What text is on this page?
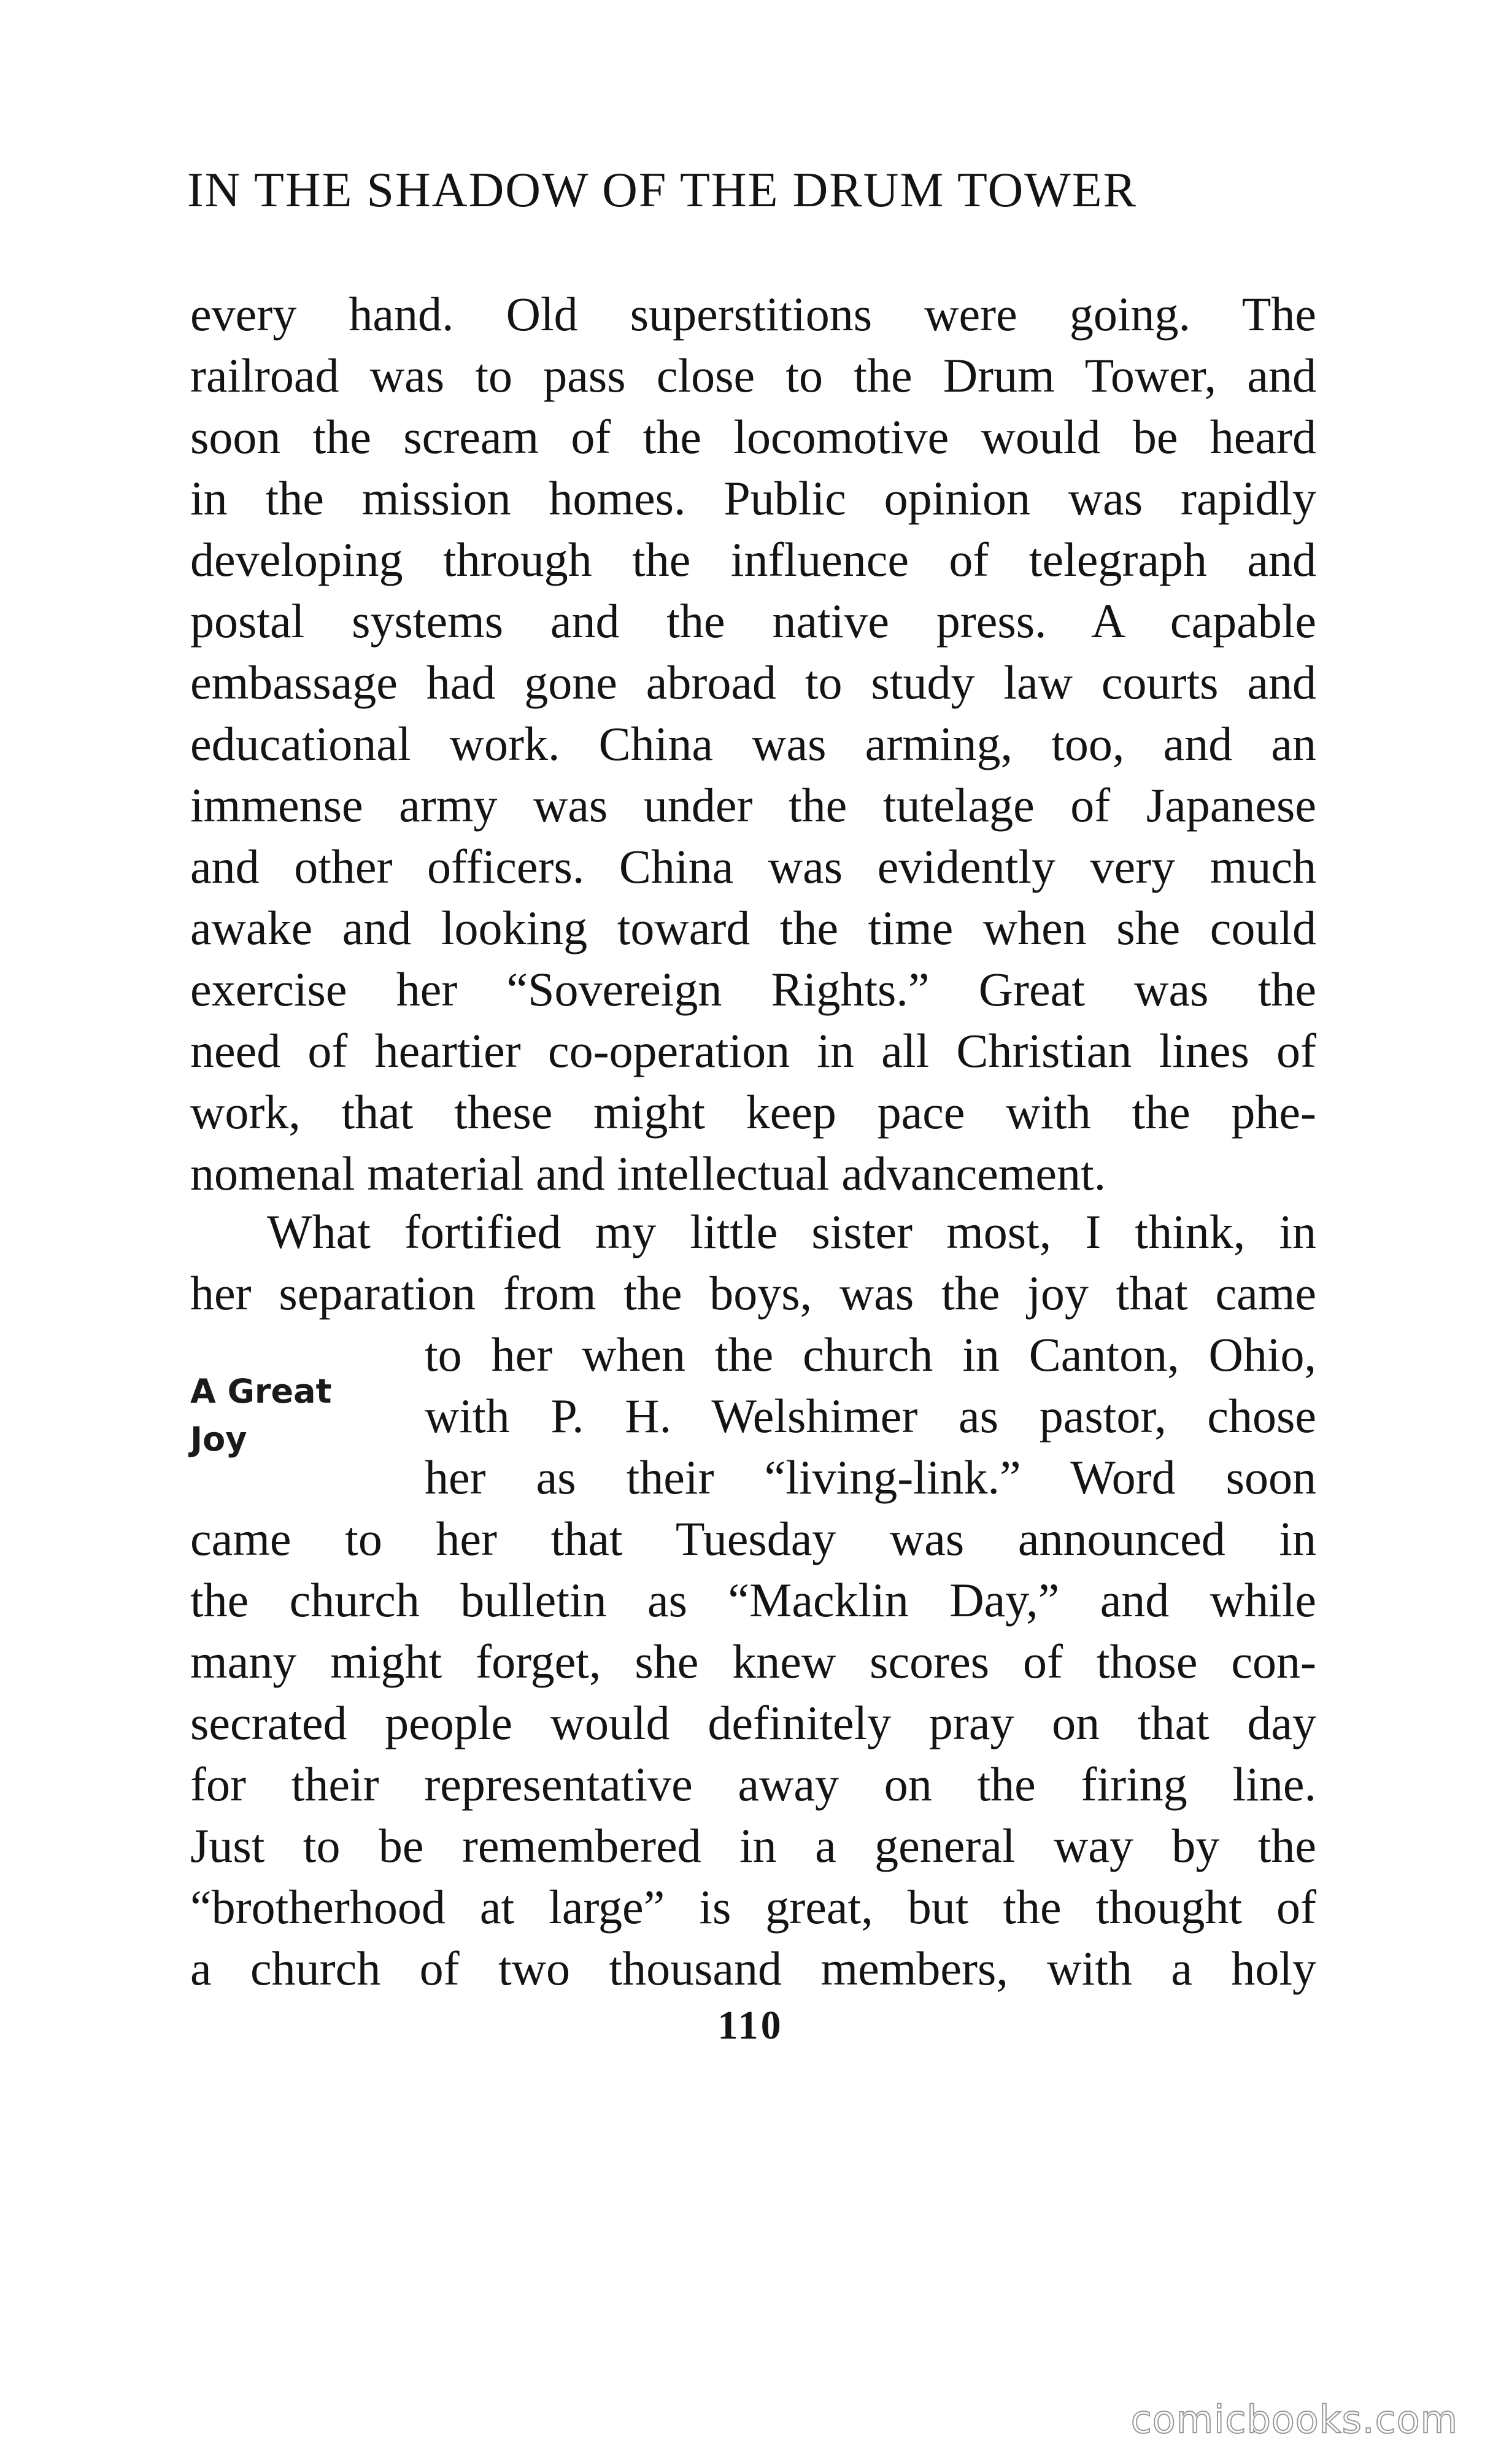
IN THE SHADOW OF THE DRUM TOWER
every hand. Old superstitions were going. The
railroad was to pass close to the Drum Tower, and
soon the scream of the locomotive would be heard
in the mission homes. Public opinion was rapidly
developing through the influence of telegraph and
postal systems and the native press. A capable
embassage had gone abroad to study law courts and
educational work. China was arming, too, and an
immense army was under the tutelage of Japanese
and other officers. China was evidently very much
awake and looking toward the time when she could
exercise her “Sovereign Rights.” Great was the
need of heartier co-operation in all Christian lines of
work, that these might keep pace with the phe-
nomenal material and intellectual advancement.
What fortified my little sister most, I think, in
her separation from the boys, was the joy that came
to her when the church in Canton, Ohio,
with P. H. Welshimer as pastor, chose
her as their “living-link.” Word soon
came to her that Tuesday was announced in
the church bulletin as “Macklin Day,” and while
many might forget, she knew scores of those con-
secrated people would definitely pray on that day
for their representative away on the firing line.
Just to be remembered in a general way by the
“brotherhood at large” is great, but the thought of
a church of two thousand members, with a holy
A Great
Joy
110
comicbooks.com
